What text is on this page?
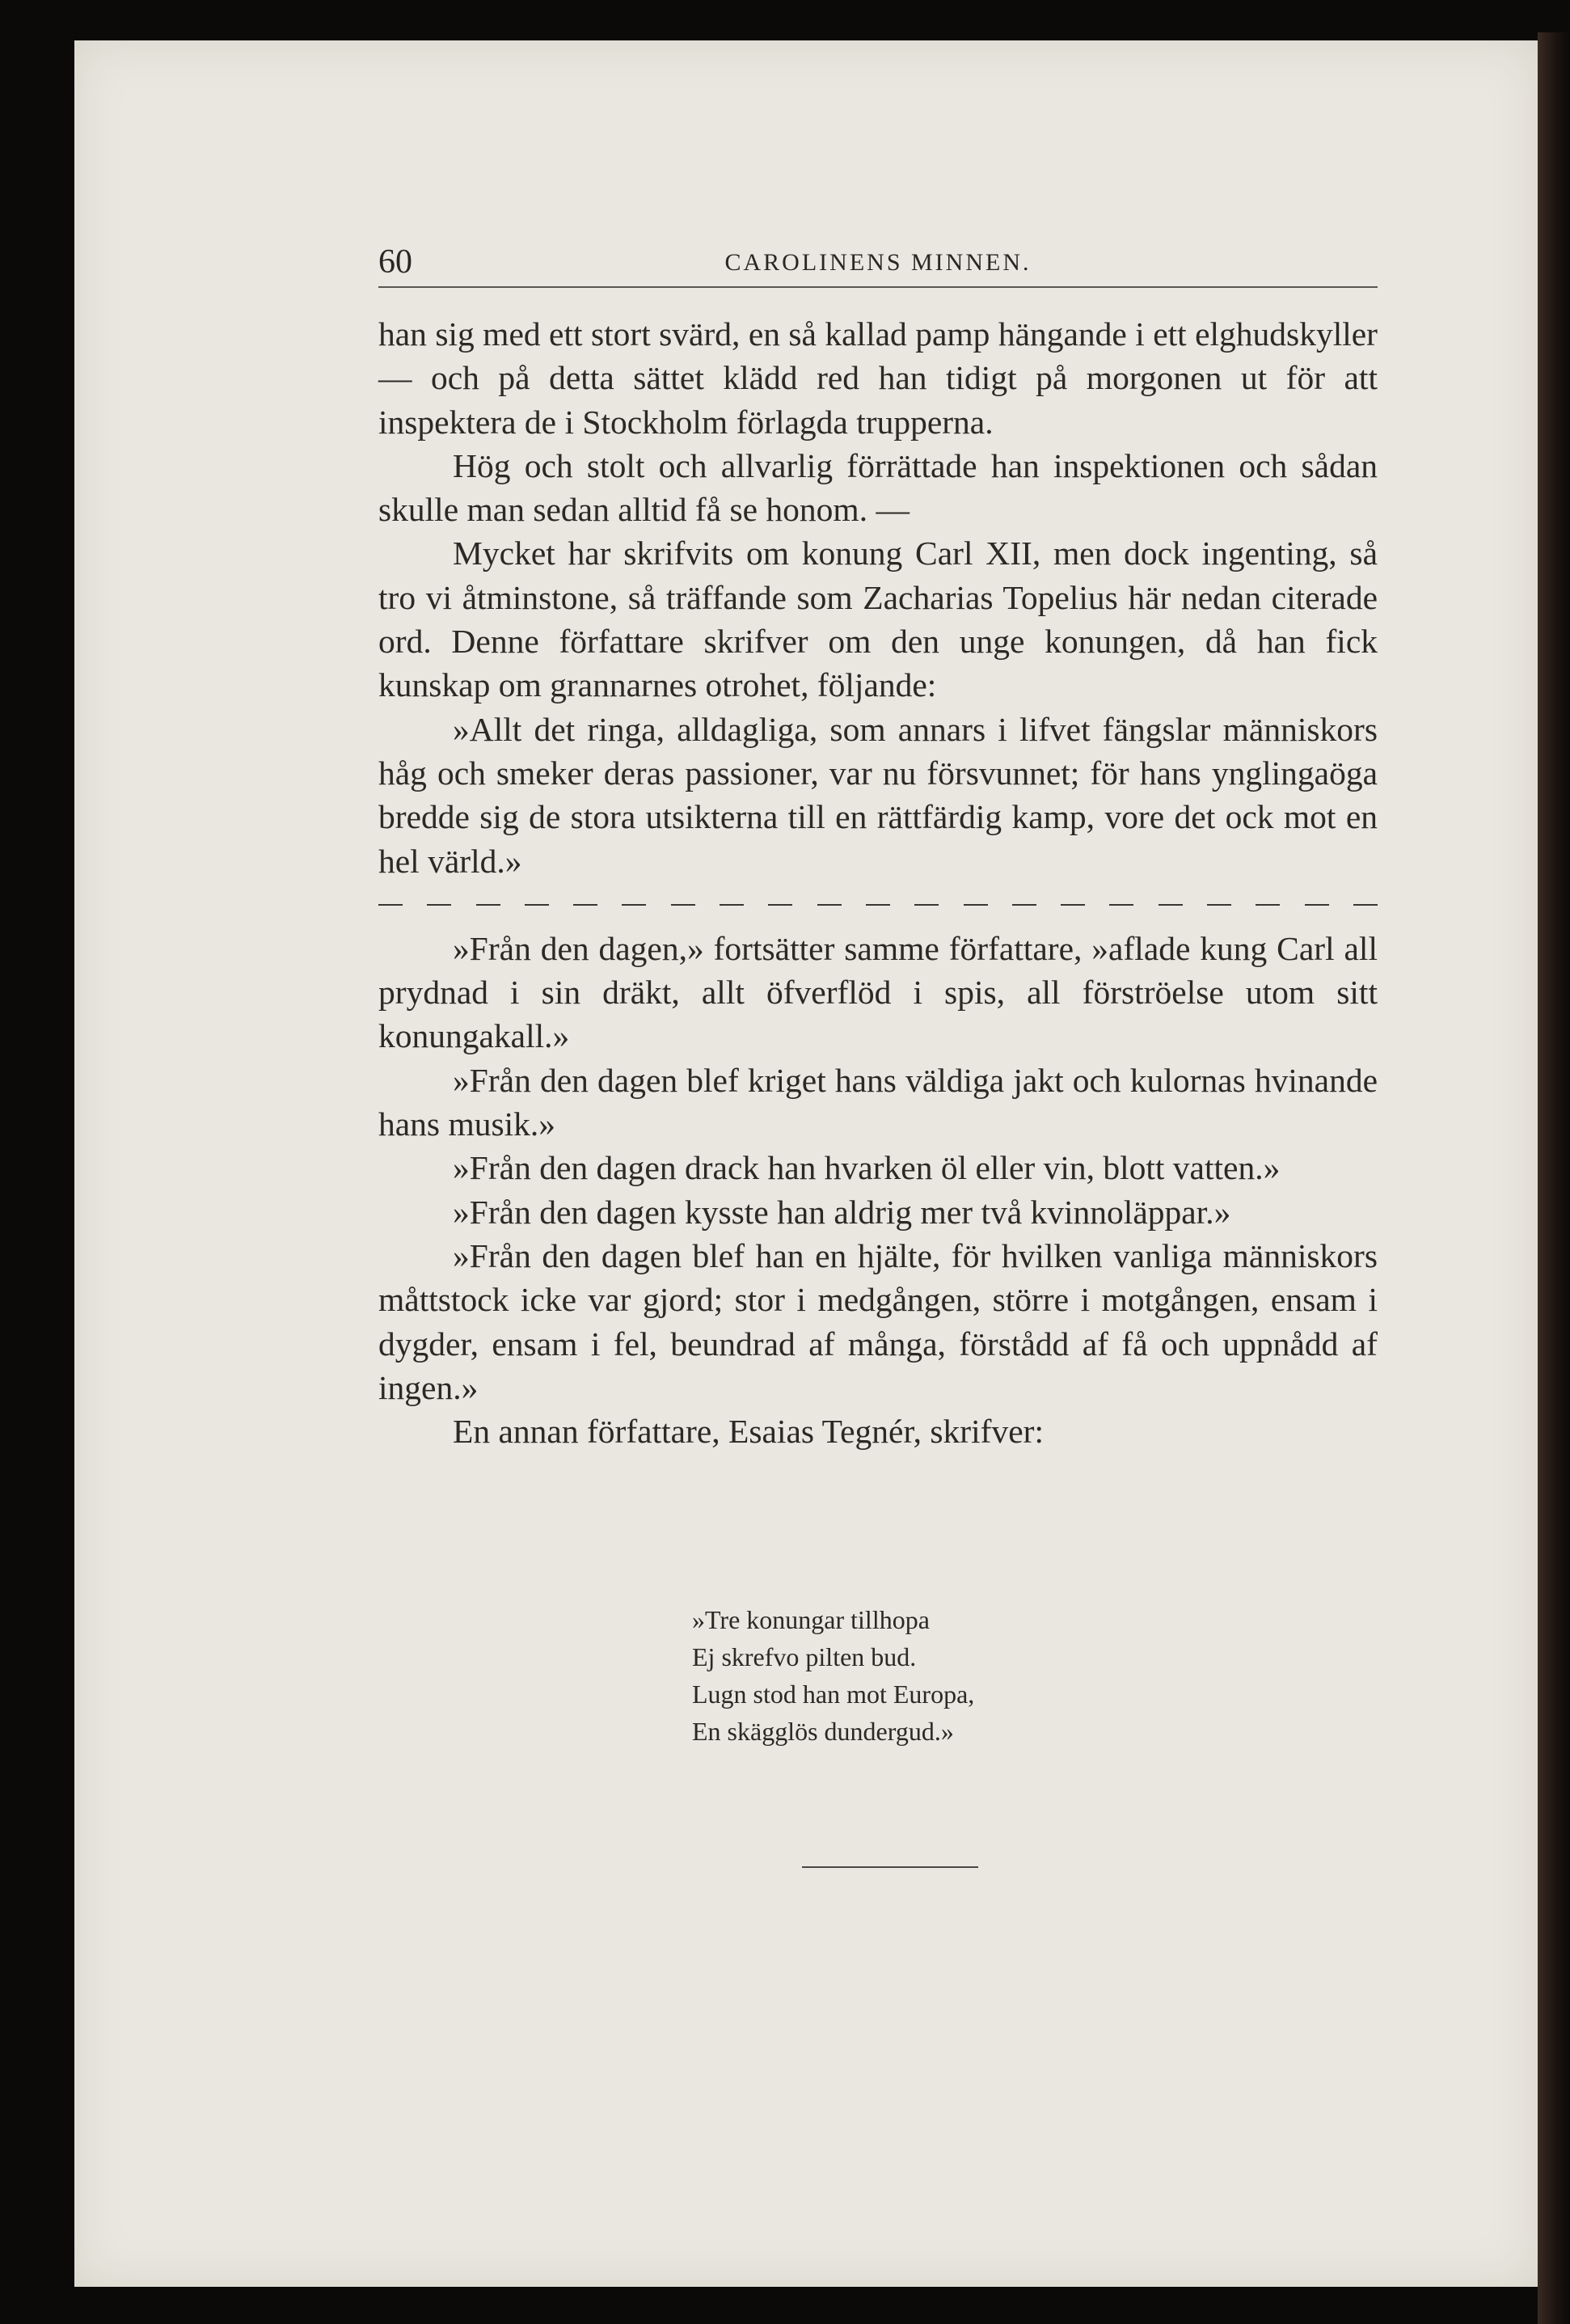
60	CAROLINENS MINNEN.

han sig med ett stort svärd, en så kallad pamp hängande i ett elghudskyller — och på detta sättet klädd red han tidigt på morgonen ut för att inspektera de i Stockholm förlagda trupperna.

Hög och stolt och allvarlig förrättade han inspektionen och sådan skulle man sedan alltid få se honom. —

Mycket har skrifvits om konung Carl XII, men dock ingenting, så tro vi åtminstone, så träffande som Zacharias Topelius här nedan citerade ord. Denne författare skrifver om den unge konungen, då han fick kunskap om grannarnes otrohet, följande:

»Allt det ringa, alldagliga, som annars i lifvet fängslar människors håg och smeker deras passioner, var nu försvunnet; för hans ynglingaöga bredde sig de stora utsikterna till en rättfärdig kamp, vore det ock mot en hel värld.»

»Från den dagen,» fortsätter samme författare, »aflade kung Carl all prydnad i sin dräkt, allt öfverflöd i spis, all förströelse utom sitt konungakall.»

»Från den dagen blef kriget hans väldiga jakt och kulornas hvinande hans musik.»

»Från den dagen drack han hvarken öl eller vin, blott vatten.»

»Från den dagen kysste han aldrig mer två kvinnoläppar.»

»Från den dagen blef han en hjälte, för hvilken vanliga människors måttstock icke var gjord; stor i medgången, större i motgången, ensam i dygder, ensam i fel, beundrad af många, förstådd af få och uppnådd af ingen.»

En annan författare, Esaias Tegnér, skrifver:

»Tre konungar tillhopa
Ej skrefvo pilten bud.
Lugn stod han mot Europa,
En skägglös dundergud.»
